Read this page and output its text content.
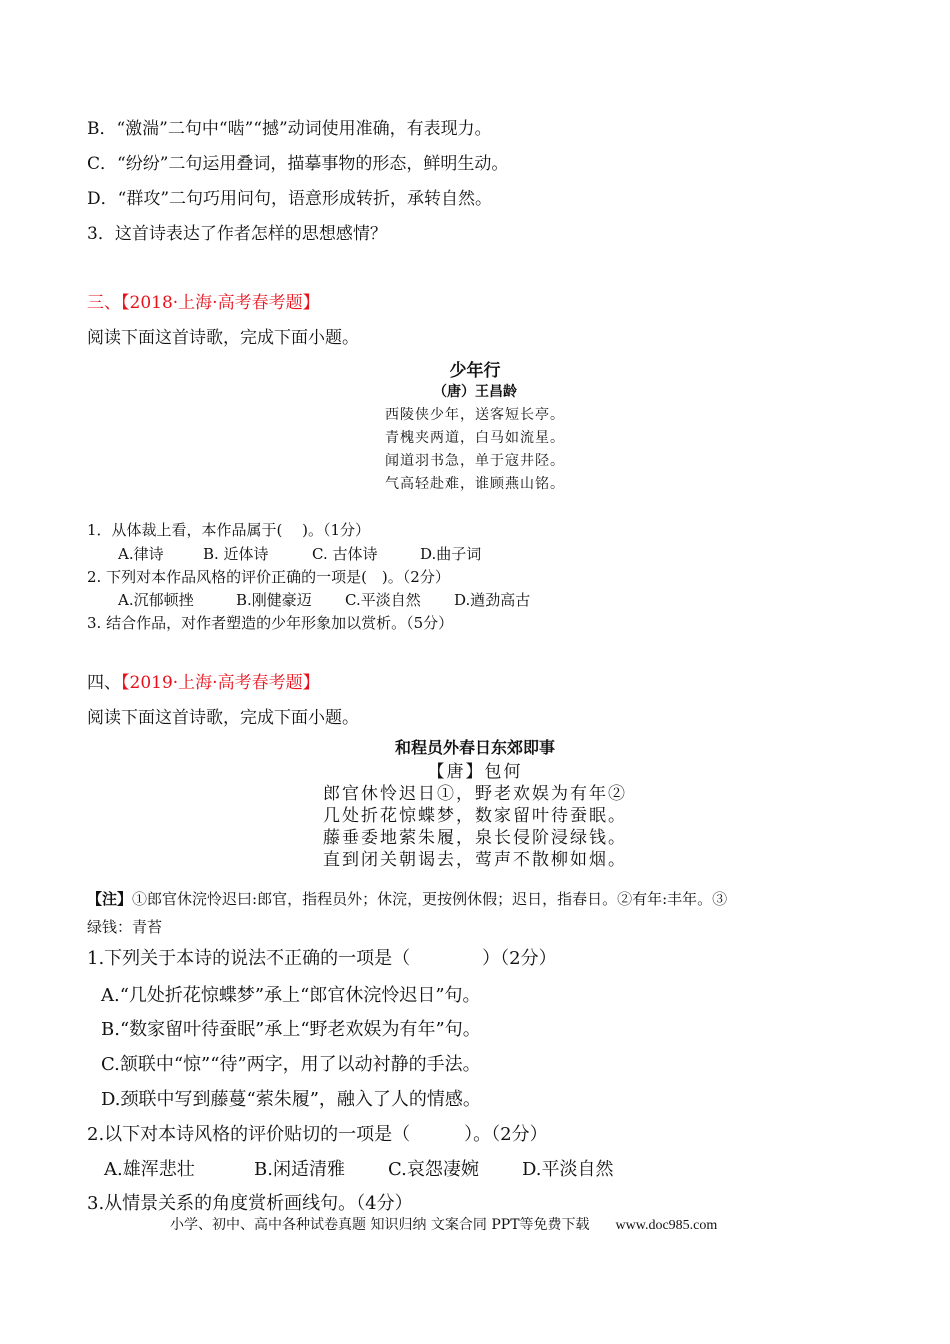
B．“激湍”二句中“啮”“撼”动词使用准确，有表现力。
C．“纷纷”二句运用叠词，描摹事物的形态，鲜明生动。
D．“群攻”二句巧用问句，语意形成转折，承转自然。
3．这首诗表达了作者怎样的思想感情？
三、【2018·上海·高考春考题】
阅读下面这首诗歌，完成下面小题。
少年行
（唐）王昌龄
西陵侠少年，送客短长亭。
青槐夹两道，白马如流星。
闻道羽书急，单于寇井陉。
气高轻赴难，谁顾燕山铭。
1．从体裁上看，本作品属于(　 )。（1分）
A.律诗	B. 近体诗	C. 古体诗	D.曲子词
2. 下列对本作品风格的评价正确的一项是(　)。（2分）
A.沉郁顿挫	B.刚健豪迈 C.平淡自然 D.遒劲高古
3. 结合作品，对作者塑造的少年形象加以赏析。（5分）
四、【2019·上海·高考春考题】
阅读下面这首诗歌，完成下面小题。
和程员外春日东郊即事
【唐】包何
郎官休怜迟日①，野老欢娱为有年②
几处折花惊蝶梦，数家留叶待蚕眠。
藤垂委地萦朱履，泉长侵阶浸绿钱。
直到闭关朝谒去，莺声不散柳如烟。
【注】①郎官休浣怜迟曰:郎官，指程员外；休浣，更按例休假；迟日，指春日。②有年:丰年。③
绿钱：青苔
1.下列关于本诗的说法不正确的一项是（　　　　）（2分）
A.“几处折花惊蝶梦”承上“郎官休浣怜迟日”句。
B.“数家留叶待蚕眠”承上“野老欢娱为有年”句。
C.颔联中“惊”“待”两字，用了以动衬静的手法。
D.颈联中写到藤蔓“萦朱履”，融入了人的情感。
2.以下对本诗风格的评价贴切的一项是（　　　）。（2分）
A.雄浑悲壮	B.闲适清雅 C.哀怨凄婉 D.平淡自然
3.从情景关系的角度赏析画线句。（4分）
小学、初中、高中各种试卷真题 知识归纳 文案合同 PPT等免费下载 www.doc985.com
